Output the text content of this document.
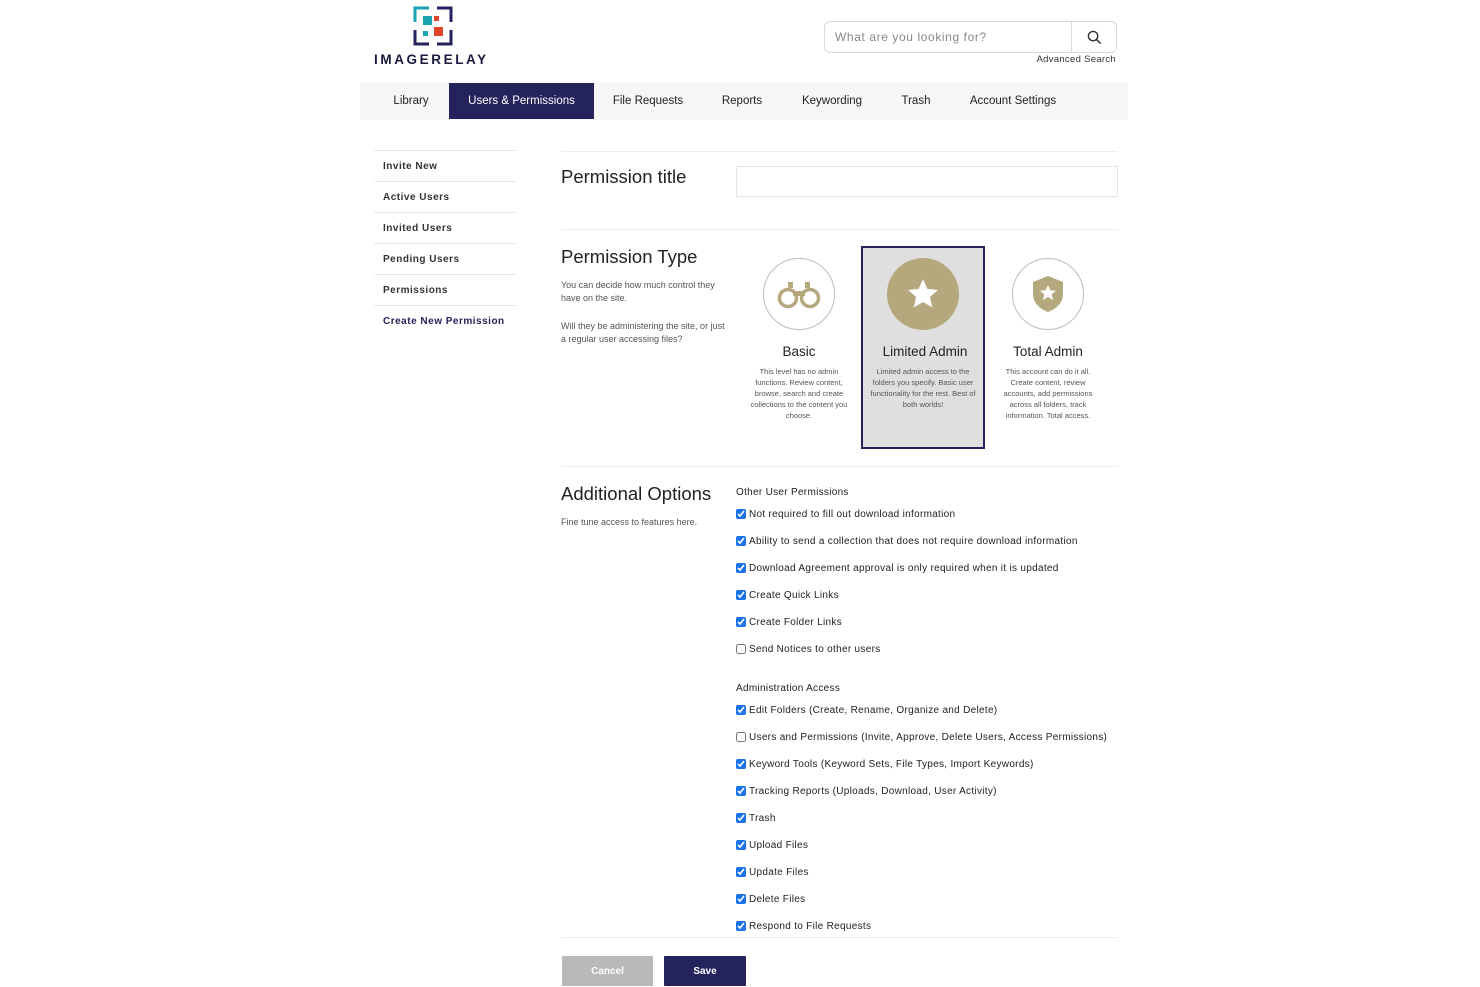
IMAGERELAY
What are you looking for?	Advanced Search
Library	Users & Permissions	File Requests	Reports	Keywording	Trash	Account Settings
Invite New
Active Users
Invited Users
Pending Users
Permissions
Create New Permission
Permission title
Permission Type
You can decide how much control they have on the site.
Will they be administering the site, or just a regular user accessing files?
Basic
This level has no admin functions. Review content, browse, search and create collections to the content you choose.
Limited Admin
Limited admin access to the folders you specify. Basic user functionality for the rest. Best of both worlds!
Total Admin
This account can do it all. Create content, review accounts, add permissions across all folders, track information. Total access.
Additional Options
Fine tune access to features here.
Other User Permissions
Not required to fill out download information
Ability to send a collection that does not require download information
Download Agreement approval is only required when it is updated
Create Quick Links
Create Folder Links
Send Notices to other users
Administration Access
Edit Folders (Create, Rename, Organize and Delete)
Users and Permissions (Invite, Approve, Delete Users, Access Permissions)
Keyword Tools (Keyword Sets, File Types, Import Keywords)
Tracking Reports (Uploads, Download, User Activity)
Trash
Upload Files
Update Files
Delete Files
Respond to File Requests
Cancel	Save
